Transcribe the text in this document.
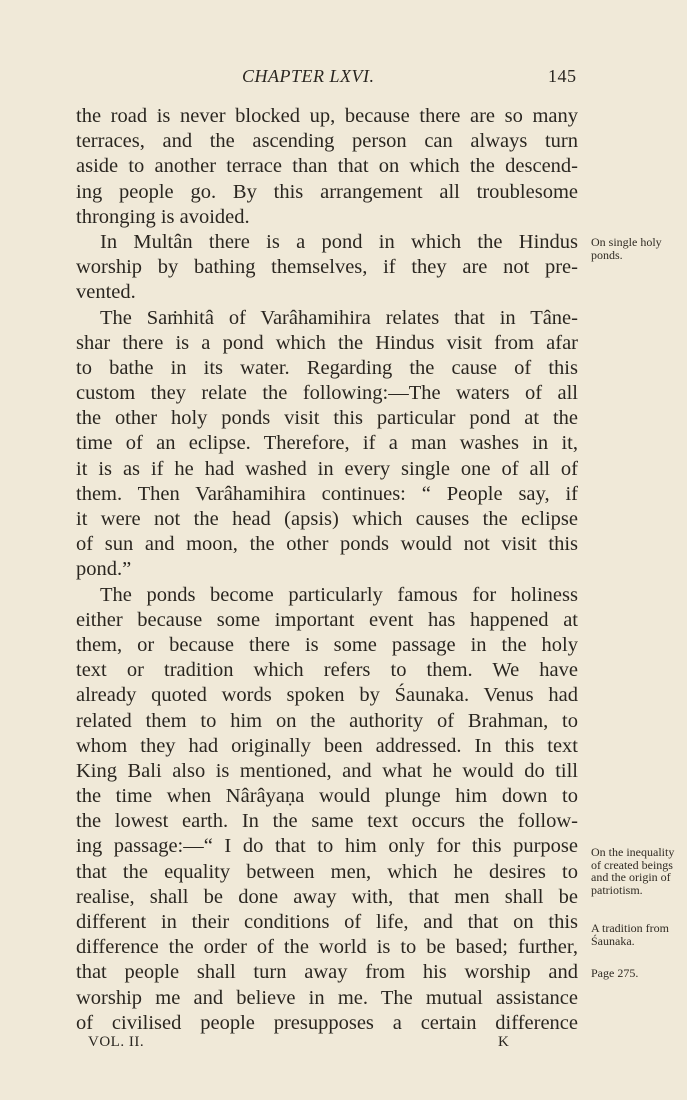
CHAPTER LXVI.	145
the road is never blocked up, because there are so many
terraces, and the ascending person can always turn
aside to another terrace than that on which the descend-
ing people go. By this arrangement all troublesome
thronging is avoided.
In Multân there is a pond in which the Hindus
worship by bathing themselves, if they are not pre-
vented.
The Saṁhitâ of Varâhamihira relates that in Tâne-
shar there is a pond which the Hindus visit from afar
to bathe in its water. Regarding the cause of this
custom they relate the following:—The waters of all
the other holy ponds visit this particular pond at the
time of an eclipse. Therefore, if a man washes in it,
it is as if he had washed in every single one of all of
them. Then Varâhamihira continues: “ People say, if
it were not the head (apsis) which causes the eclipse
of sun and moon, the other ponds would not visit this
pond.”
The ponds become particularly famous for holiness
either because some important event has happened at
them, or because there is some passage in the holy
text or tradition which refers to them. We have
already quoted words spoken by Śaunaka. Venus had
related them to him on the authority of Brahman, to
whom they had originally been addressed. In this text
King Bali also is mentioned, and what he would do till
the time when Nârâyaṇa would plunge him down to
the lowest earth. In the same text occurs the follow-
ing passage:—“ I do that to him only for this purpose
that the equality between men, which he desires to
realise, shall be done away with, that men shall be
different in their conditions of life, and that on this
difference the order of the world is to be based; further,
that people shall turn away from his worship and
worship me and believe in me. The mutual assistance
of civilised people presupposes a certain difference
On single holy ponds.
On the inequality of created beings and the origin of patriotism.
A tradition from Śaunaka.
Page 275.
VOL. II.	K
